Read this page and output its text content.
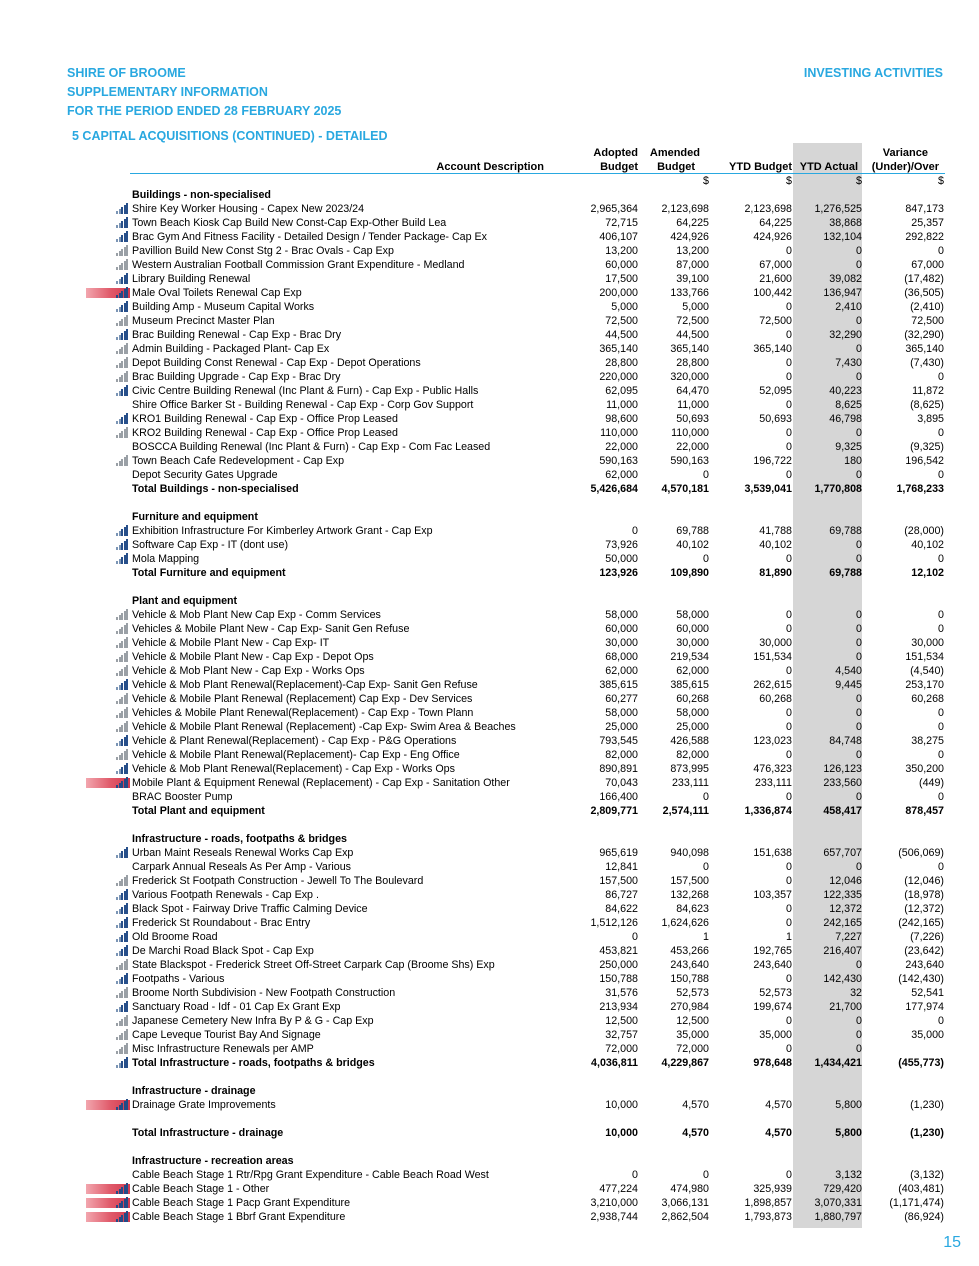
SHIRE OF BROOME
SUPPLEMENTARY INFORMATION
FOR THE PERIOD ENDED 28 FEBRUARY 2025
INVESTING ACTIVITIES
5 CAPITAL ACQUISITIONS (CONTINUED) - DETAILED
Account Description
Adopted
Budget
Amended
Budget	YTD Budget YTD Actual
Variance
(Under)/Over
$	$	$	$
Buildings - non-specialised
Shire Key Worker Housing - Capex New 2023/24	2,965,364 2,123,698	2,123,698 1,276,525	847,173
Town Beach Kiosk Cap Build New Const-Cap Exp-Other Build Lea	72,715	64,225	64,225	38,868	25,357
Brac Gym And Fitness Facility - Detailed Design / Tender Package- Cap Ex	406,107	424,926	424,926	132,104	292,822
Pavillion Build New Const Stg 2 - Brac Ovals - Cap Exp	13,200	13,200	0	0	0
Western Australian Football Commission Grant Expenditure - Medland	60,000	87,000	67,000	0	67,000
Library Building Renewal	17,500	39,100	21,600	39,082	(17,482)
Male Oval Toilets Renewal Cap Exp	200,000	133,766	100,442	136,947	(36,505)
Building Amp - Museum Capital Works	5,000	5,000	0	2,410	(2,410)
Museum Precinct Master Plan	72,500	72,500	72,500	0	72,500
Brac Building Renewal - Cap Exp - Brac Dry	44,500	44,500	0	32,290	(32,290)
Admin Building - Packaged Plant- Cap Ex	365,140	365,140	365,140	0	365,140
Depot Building Const Renewal - Cap Exp - Depot Operations	28,800	28,800	0	7,430	(7,430)
Brac Building Upgrade - Cap Exp - Brac Dry	220,000	320,000	0	0	0
Civic Centre Building Renewal (Inc Plant & Furn) - Cap Exp - Public Halls	62,095	64,470	52,095	40,223	11,872
Shire Office Barker St - Building Renewal - Cap Exp - Corp Gov Support	11,000	11,000	0	8,625	(8,625)
KRO1 Building Renewal - Cap Exp - Office Prop Leased	98,600	50,693	50,693	46,798	3,895
KRO2 Building Renewal - Cap Exp - Office Prop Leased	110,000	110,000	0	0	0
BOSCCA Building Renewal (Inc Plant & Furn) - Cap Exp - Com Fac Leased	22,000	22,000	0	9,325	(9,325)
Town Beach Cafe Redevelopment - Cap Exp	590,163	590,163	196,722	180	196,542
Depot Security Gates Upgrade	62,000	0	0	0	0
Total Buildings - non-specialised	5,426,684 4,570,181	3,539,041 1,770,808	1,768,233
Furniture and equipment
Exhibition Infrastructure For Kimberley Artwork Grant - Cap Exp	0	69,788	41,788	69,788	(28,000)
Software Cap Exp - IT (dont use)	73,926	40,102	40,102	0	40,102
Mola Mapping	50,000	0	0	0	0
Total Furniture and equipment	123,926	109,890	81,890	69,788	12,102
Plant and equipment
Vehicle & Mob Plant New Cap Exp - Comm Services	58,000	58,000	0	0	0
Vehicles & Mobile Plant New - Cap Exp- Sanit Gen Refuse	60,000	60,000	0	0	0
Vehicle & Mobile Plant New - Cap Exp- IT	30,000	30,000	30,000	0	30,000
Vehicle & Mobile Plant New - Cap Exp - Depot Ops	68,000	219,534	151,534	0	151,534
Vehicle & Mob Plant New - Cap Exp - Works Ops	62,000	62,000	0	4,540	(4,540)
Vehicle & Mob Plant Renewal(Replacement)-Cap Exp- Sanit Gen Refuse	385,615	385,615	262,615	9,445	253,170
Vehicle & Mobile Plant Renewal (Replacement) Cap Exp - Dev Services	60,277	60,268	60,268	0	60,268
Vehicles & Mobile Plant Renewal(Replacement) - Cap Exp - Town Plann	58,000	58,000	0	0	0
Vehicle & Mobile Plant Renewal (Replacement) -Cap Exp- Swim Area & Beaches	25,000	25,000	0	0	0
Vehicle & Plant Renewal(Replacement) - Cap Exp - P&G Operations	793,545	426,588	123,023	84,748	38,275
Vehicle & Mobile Plant Renewal(Replacement)- Cap Exp - Eng Office	82,000	82,000	0	0	0
Vehicle & Mob Plant Renewal(Replacement) - Cap Exp - Works Ops	890,891	873,995	476,323	126,123	350,200
Mobile Plant & Equipment Renewal (Replacement) - Cap Exp - Sanitation Other	70,043	233,111	233,111	233,560	(449)
BRAC Booster Pump	166,400	0	0	0	0
Total Plant and equipment	2,809,771 2,574,111	1,336,874	458,417	878,457
Infrastructure - roads, footpaths & bridges
Urban Maint Reseals Renewal Works Cap Exp	965,619	940,098	151,638	657,707	(506,069)
Carpark Annual Reseals As Per Amp - Various	12,841	0	0	0	0
Frederick St Footpath Construction - Jewell To The Boulevard	157,500	157,500	0	12,046	(12,046)
Various Footpath Renewals - Cap Exp .	86,727	132,268	103,357	122,335	(18,978)
Black Spot - Fairway Drive Traffic Calming Device	84,622	84,623	0	12,372	(12,372)
Frederick St Roundabout - Brac Entry	1,512,126 1,624,626	0	242,165	(242,165)
Old Broome Road	0	1	1	7,227	(7,226)
De Marchi Road Black Spot - Cap Exp	453,821	453,266	192,765	216,407	(23,642)
State Blackspot - Frederick Street Off-Street Carpark Cap (Broome Shs) Exp	250,000	243,640	243,640	0	243,640
Footpaths - Various	150,788	150,788	0	142,430	(142,430)
Broome North Subdivision - New Footpath Construction	31,576	52,573	52,573	32	52,541
Sanctuary Road - Idf - 01 Cap Ex Grant Exp	213,934	270,984	199,674	21,700	177,974
Japanese Cemetery New Infra By P & G - Cap Exp	12,500	12,500	0	0	0
Cape Leveque Tourist Bay And Signage	32,757	35,000	35,000	0	35,000
Misc Infrastructure Renewals per AMP	72,000	72,000	0	0
Total Infrastructure - roads, footpaths & bridges	4,036,811 4,229,867	978,648 1,434,421	(455,773)
Infrastructure - drainage
Drainage Grate Improvements	10,000	4,570	4,570	5,800	(1,230)
Total Infrastructure - drainage	10,000	4,570	4,570	5,800	(1,230)
Infrastructure - recreation areas
Cable Beach Stage 1 Rtr/Rpg Grant Expenditure - Cable Beach Road West	0	0	0	3,132	(3,132)
Cable Beach Stage 1 - Other	477,224	474,980	325,939	729,420	(403,481)
Cable Beach Stage 1 Pacp Grant Expenditure	3,210,000 3,066,131	1,898,857 3,070,331	(1,171,474)
Cable Beach Stage 1 Bbrf Grant Expenditure	2,938,744 2,862,504	1,793,873 1,880,797	(86,924)
15
